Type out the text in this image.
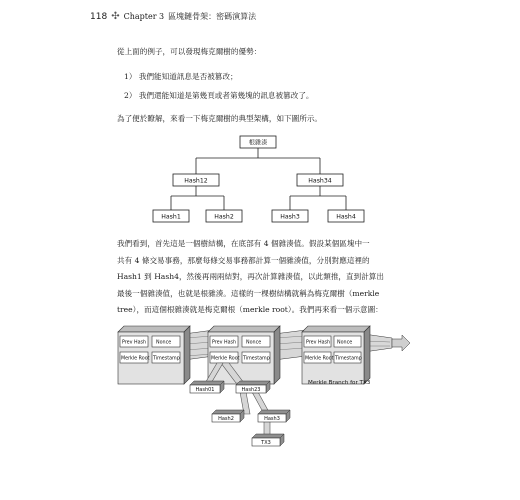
118 ✣ Chapter 3 區塊鏈骨架：密碼演算法
從上面的例子，可以發現梅克爾樹的優勢：
1） 我們能知道訊息是否被篡改；
2） 我們還能知道是第幾頁或者第幾塊的訊息被篡改了。
為了便於瞭解，來看一下梅克爾樹的典型架構，如下圖所示。
根雜湊
Hash12	Hash34
Hash1	Hash2	Hash3	Hash4
我們看到，首先這是一個樹結構，在底部有 4 個雜湊值。假設某個區塊中一
共有 4 條交易事務，那麼每條交易事務都計算一個雜湊值，分別對應這裡的
Hash1 到 Hash4，然後再兩兩結對，再次計算雜湊值，以此類推，直到計算出
最後一個雜湊值，也就是根雜湊。這樣的一棵樹結構就稱為梅克爾樹（merkle
tree），而這個根雜湊就是梅克爾根（merkle root）。我們再來看一個示意圖：
Prev Hash Nonce
Merkle Root Timestamp
Prev Hash Nonce
Merkle Root Timestamp
Prev Hash Nonce
Merkle Root Timestamp
Hash01	Hash23
Hash2	Hash3
TX3
Merkle Branch for TX3
